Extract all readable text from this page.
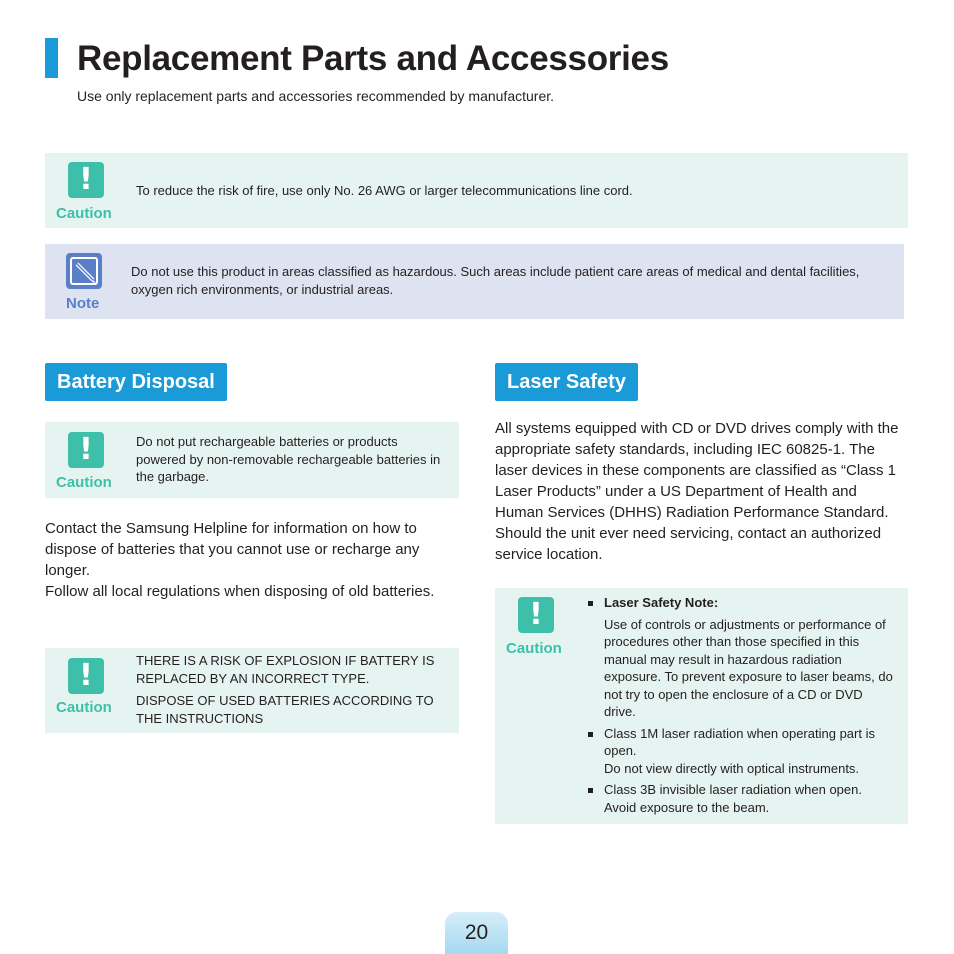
Replacement Parts and Accessories
Use only replacement parts and accessories recommended by manufacturer.
!
Caution
To reduce the risk of fire, use only No. 26 AWG or larger telecommunications line cord.
Note
Do not use this product in areas classified as hazardous. Such areas include patient care areas of medical and dental facilities, oxygen rich environments, or industrial areas.
Battery Disposal
!
Caution
Do not put rechargeable batteries or products powered by non-removable rechargeable batteries in the garbage.
Contact the Samsung Helpline for information on how to dispose of batteries that you cannot use or recharge any longer.
Follow all local regulations when disposing of old batteries.
!
Caution
THERE IS A RISK OF EXPLOSION IF BATTERY IS REPLACED BY AN INCORRECT TYPE.
DISPOSE OF USED BATTERIES ACCORDING TO THE INSTRUCTIONS
Laser Safety
All systems equipped with CD or DVD drives comply with the appropriate safety standards, including IEC 60825-1. The laser devices in these components are classified as “Class 1 Laser Products” under a US Department of Health and Human Services (DHHS) Radiation Performance Standard. Should the unit ever need servicing, contact an authorized service location.
!
Caution
Laser Safety Note:
Use of controls or adjustments or performance of procedures other than those specified in this manual may result in hazardous radiation exposure. To prevent exposure to laser beams, do not try to open the enclosure of a CD or DVD drive.
Class 1M laser radiation when operating part is open.
Do not view directly with optical instruments.
Class 3B invisible laser radiation when open. Avoid exposure to the beam.
20
